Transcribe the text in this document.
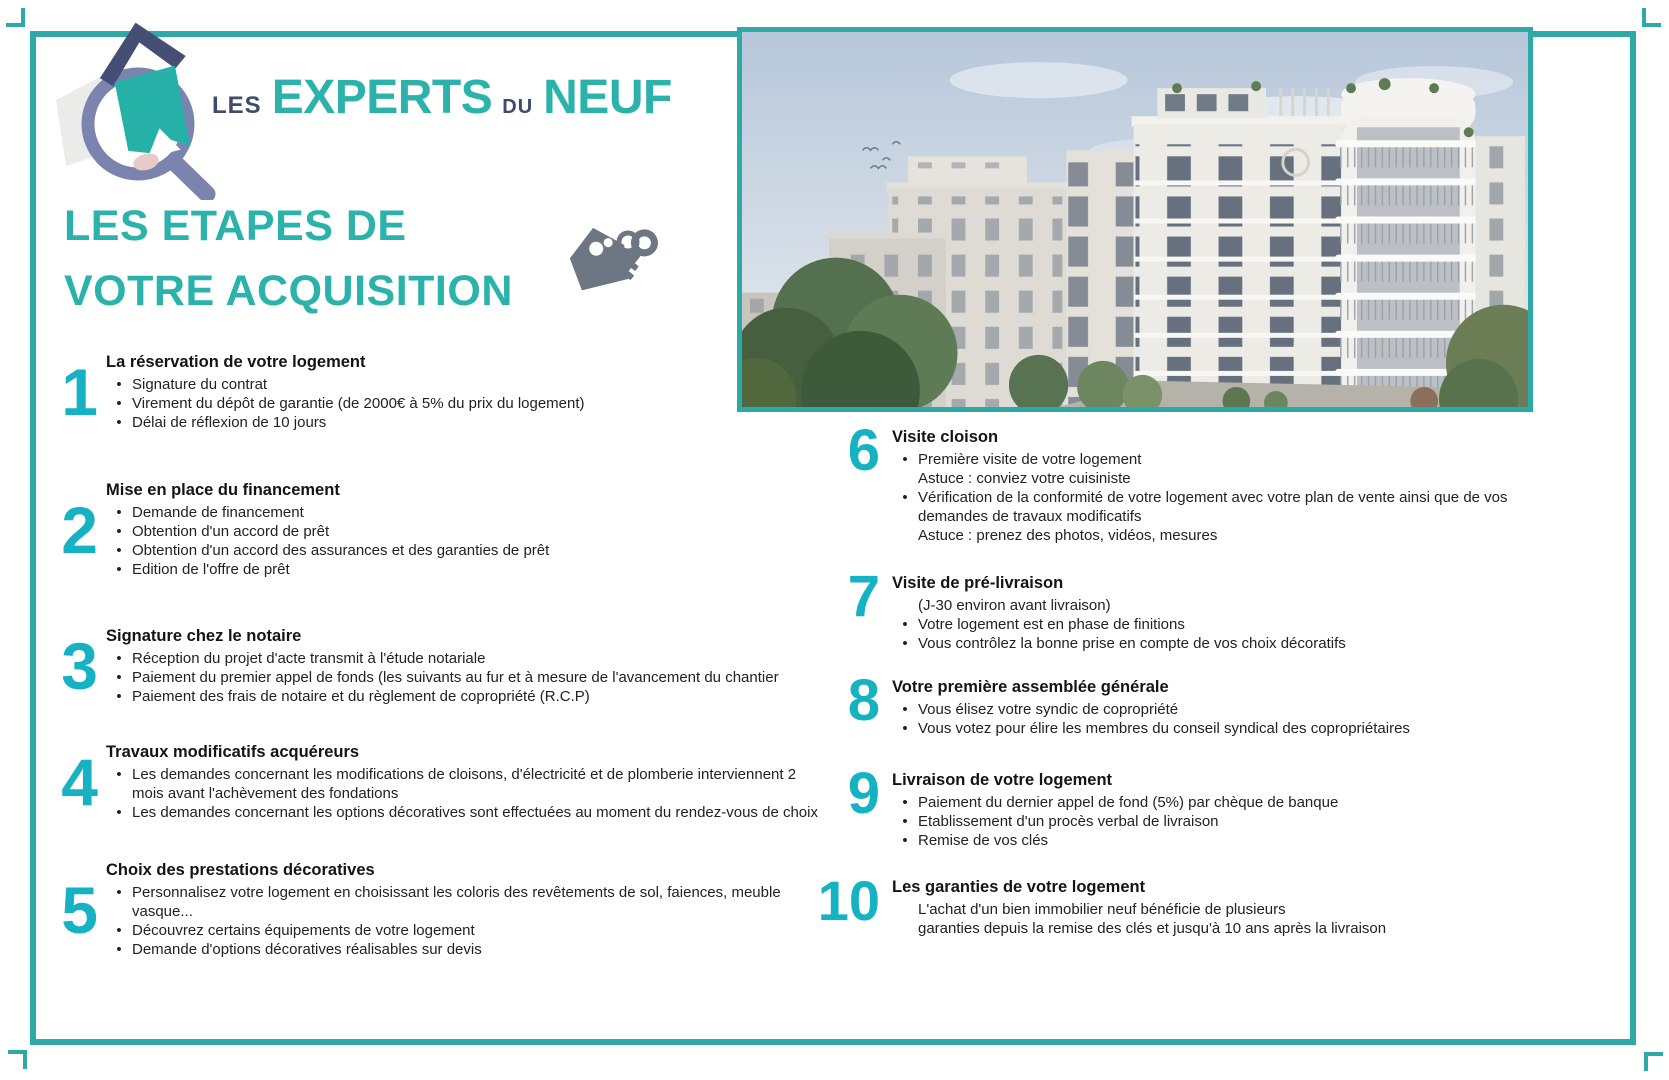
LES EXPERTS DU NEUF
LES ETAPES DE
VOTRE ACQUISITION
1 La réservation de votre logement
• Signature du contrat
• Virement du dépôt de garantie (de 2000€ à 5% du prix du logement)
• Délai de réflexion de 10 jours
2
Mise en place du financement
• Demande de financement
• Obtention d'un accord de prêt
• Obtention d'un accord des assurances et des garanties de prêt
• Edition de l'offre de prêt
3 Signature chez le notaire
• Réception du projet d'acte transmit à l'étude notariale
• Paiement du premier appel de fonds (les suivants au fur et à mesure de l'avancement du chantier
• Paiement des frais de notaire et du règlement de copropriété (R.C.P)
4 Travaux modificatifs acquéreurs
• Les demandes concernant les modifications de cloisons, d'électricité et de plomberie interviennent 2 mois avant l'achèvement des fondations
• Les demandes concernant les options décoratives sont effectuées au moment du rendez-vous de choix
5
Choix des prestations décoratives
• Personnalisez votre logement en choisissant les coloris des revêtements de sol, faiences, meuble vasque...
• Découvrez certains équipements de votre logement
• Demande d'options décoratives réalisables sur devis
6 Visite cloison
• Première visite de votre logement
Astuce : conviez votre cuisiniste
• Vérification de la conformité de votre logement avec votre plan de vente ainsi que de vos demandes de travaux modificatifs
Astuce : prenez des photos, vidéos, mesures
7 Visite de pré-livraison
(J-30 environ avant livraison)
• Votre logement est en phase de finitions
• Vous contrôlez la bonne prise en compte de vos choix décoratifs
8 Votre première assemblée générale
• Vous élisez votre syndic de copropriété
• Vous votez pour élire les membres du conseil syndical des copropriétaires
9 Livraison de votre logement
• Paiement du dernier appel de fond (5%) par chèque de banque
• Etablissement d'un procès verbal de livraison
• Remise de vos clés
10 Les garanties de votre logement
L'achat d'un bien immobilier neuf bénéficie de plusieurs
garanties depuis la remise des clés et jusqu'à 10 ans après la livraison
